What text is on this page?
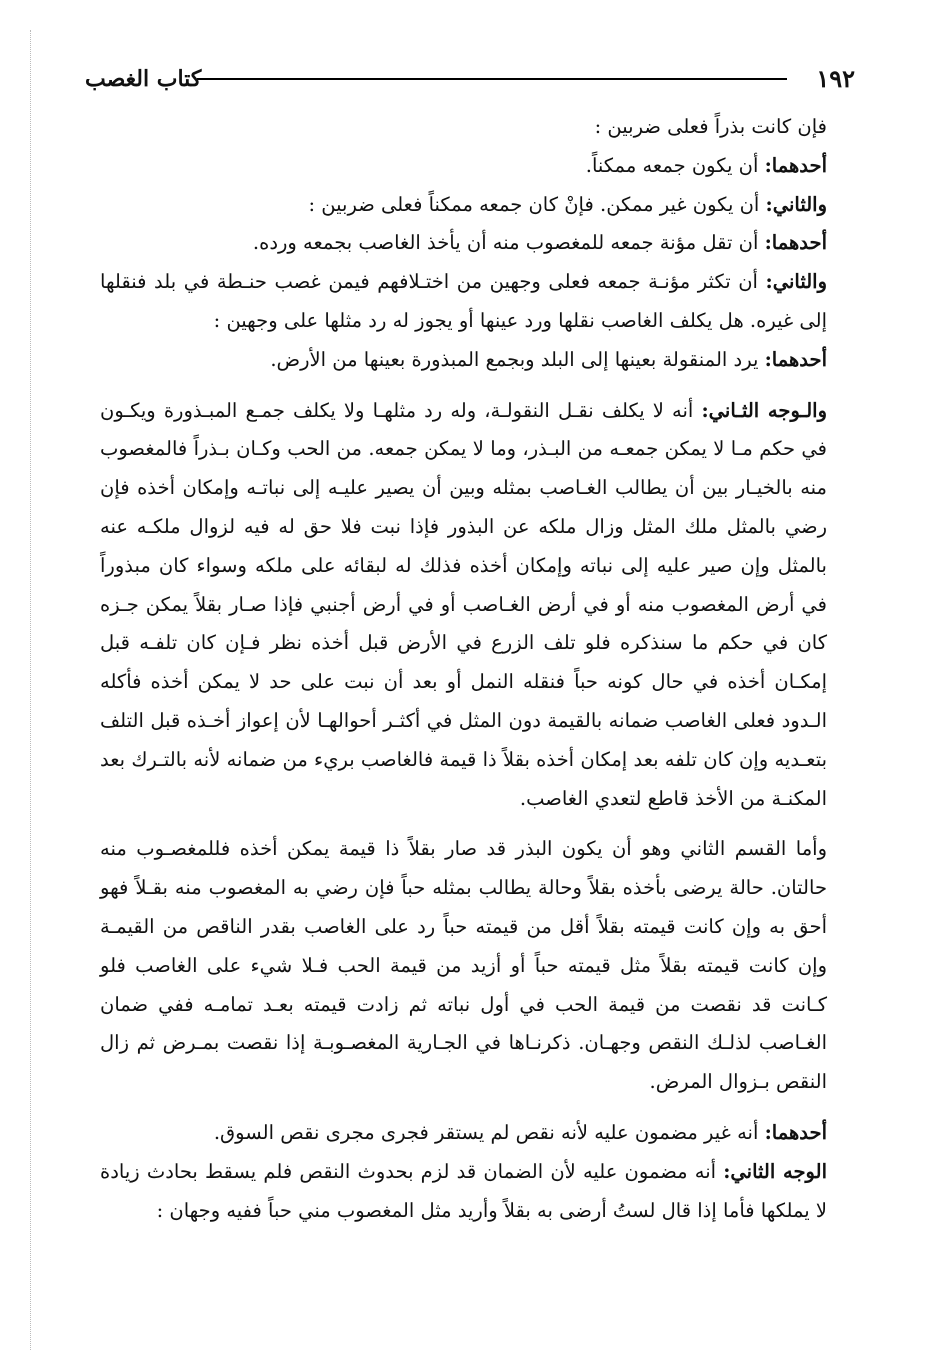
١٩٢
كتاب الغصب

فإن كانت بذراً فعلى ضربين :

أحدهما: أن يكون جمعه ممكناً.

والثاني: أن يكون غير ممكن. فإنْ كان جمعه ممكناً فعلى ضربين :

أحدهما: أن تقل مؤنة جمعه للمغصوب منه أن يأخذ الغاصب بجمعه ورده.

والثاني: أن تكثر مؤنـة جمعه فعلى وجهين من اختـلافهم فيمن غصب حنـطة في بلد فنقلها إلى غيره. هل يكلف الغاصب نقلها ورد عينها أو يجوز له رد مثلها على وجهين :

أحدهما: يرد المنقولة بعينها إلى البلد وبجمع المبذورة بعينها من الأرض.

والـوجه الثـاني: أنه لا يكلف نقـل النقولـة، وله رد مثلهـا ولا يكلف جمـع المبـذورة ويكـون في حكم مـا لا يمكن جمعـه من البـذر، وما لا يمكن جمعه. من الحب وكـان بـذراً فالمغصوب منه بالخيـار بين أن يطالب الغـاصب بمثله وبين أن يصير عليـه إلى نباتـه وإمكان أخذه فإن رضي بالمثل ملك المثل وزال ملكه عن البذور فإذا نبت فلا حق له فيه لزوال ملكـه عنه بالمثل وإن صير عليه إلى نباته وإمكان أخذه فذلك له لبقائه على ملكه وسواء كان مبذوراً في أرض المغصوب منه أو في أرض الغـاصب أو في أرض أجنبي فإذا صـار بقلاً يمكن جـزه كان في حكم ما سنذكره فلو تلف الزرع في الأرض قبل أخذه نظر فـإن كان تلفـه قبل إمكـان أخذه في حال كونه حباً فنقله النمل أو بعد أن نبت على حد لا يمكن أخذه فأكله الـدود فعلى الغاصب ضمانه بالقيمة دون المثل في أكثـر أحوالهـا لأن إعواز أخـذه قبل التلف بتعـديه وإن كان تلفه بعد إمكان أخذه بقلاً ذا قيمة فالغاصب بريء من ضمانه لأنه بالتـرك بعد المكنـة من الأخذ قاطع لتعدي الغاصب.

وأما القسم الثاني وهو أن يكون البذر قد صار بقلاً ذا قيمة يمكن أخذه فللمغصـوب منه حالتان. حالة يرضى بأخذه بقلاً وحالة يطالب بمثله حباً فإن رضي به المغصوب منه بقـلاً فهو أحق به وإن كانت قيمته بقلاً أقل من قيمته حباً رد على الغاصب بقدر الناقص من القيمـة وإن كانت قيمته بقلاً مثل قيمته حباً أو أزيد من قيمة الحب فـلا شيء على الغاصب فلو كـانت قد نقصت من قيمة الحب في أول نباته ثم زادت قيمته بعـد تمامـه ففي ضمان الغـاصب لذلـك النقص وجهـان. ذكرنـاها في الجـارية المغصـوبـة إذا نقصت بمـرض ثم زال النقص بـزوال المرض.

أحدهما: أنه غير مضمون عليه لأنه نقص لم يستقر فجرى مجرى نقص السوق.

الوجه الثاني: أنه مضمون عليه لأن الضمان قد لزم بحدوث النقص فلم يسقط بحادث زيادة لا يملكها فأما إذا قال لستُ أرضى به بقلاً وأريد مثل المغصوب مني حباً ففيه وجهان :
